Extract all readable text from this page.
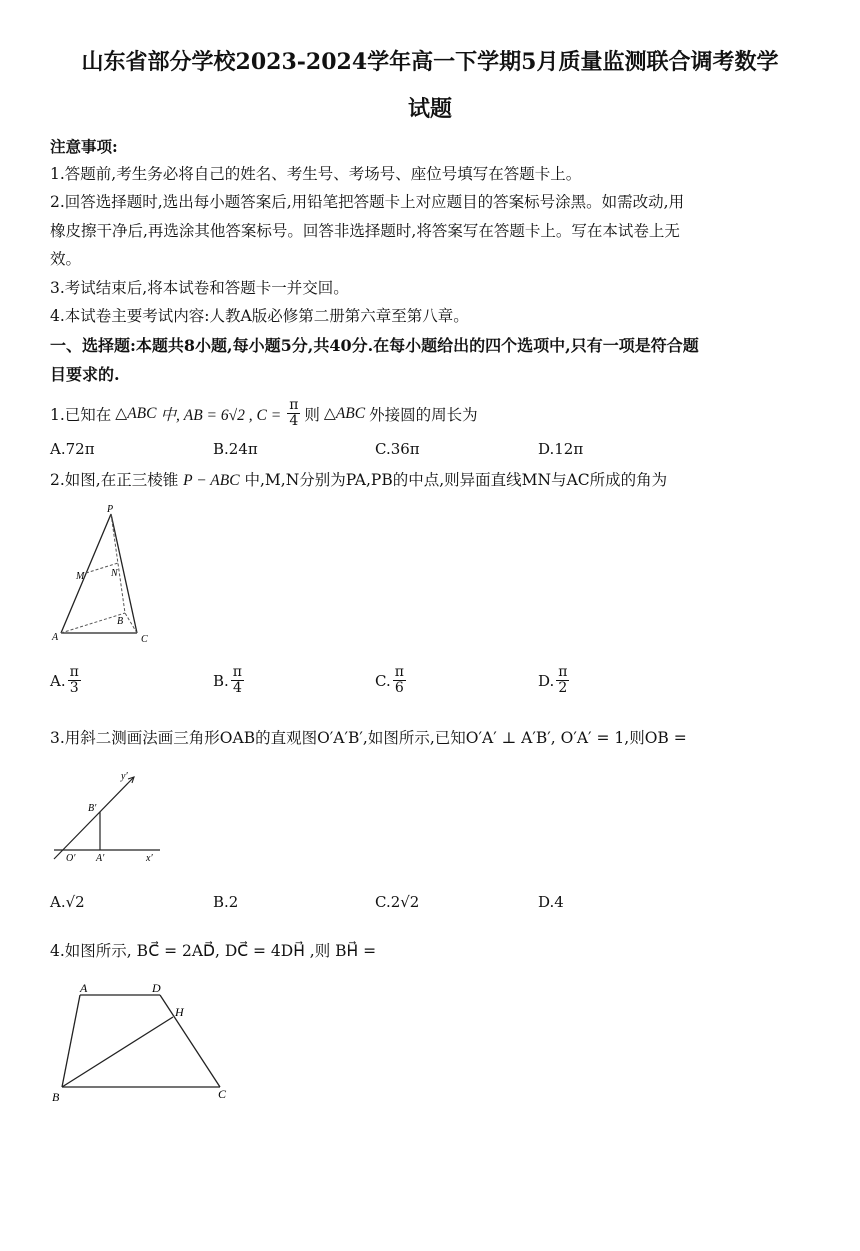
山东省部分学校2023-2024学年高一下学期5月质量监测联合调考数学
试题
注意事项:
1.答题前,考生务必将自己的姓名、考生号、考场号、座位号填写在答题卡上。
2.回答选择题时,选出每小题答案后,用铅笔把答题卡上对应题目的答案标号涂黑。如需改动,用
橡皮擦干净后,再选涂其他答案标号。回答非选择题时,将答案写在答题卡上。写在本试卷上无
效。
3.考试结束后,将本试卷和答题卡一并交回。
4.本试卷主要考试内容:人教A版必修第二册第六章至第八章。
一、选择题:本题共8小题,每小题5分,共40分.在每小题给出的四个选项中,只有一项是符合题
目要求的.
1.已知在 △ABC 中, AB = 6√2 , $C = \frac{\pi}{4}$ 则 △ABC 外接圆的周长为
A.72π	B.24π	C.36π	D.12π
2.如图,在正三棱锥 P − ABC 中,M,N分别为PA,PB的中点,则异面直线MN与AC所成的角为
P
M	N
A
B
C
A. $\frac{\pi}{3}$	B. $\frac{\pi}{4}$	C. $\frac{\pi}{6}$	D. $\frac{\pi}{2}$
3.用斜二测画法画三角形OAB的直观图O′A′B′,如图所示,已知O′A′ ⊥ A′B′, O′A′ = 1,则OB =
y′
B′
O′ A′	x′
A.√2	B.2	C.2√2	D.4
4.如图所示, BC⃗ = 2AD⃗, DC⃗ = 4DH⃗ ,则 BH⃗ =
A	D
H
B	C
